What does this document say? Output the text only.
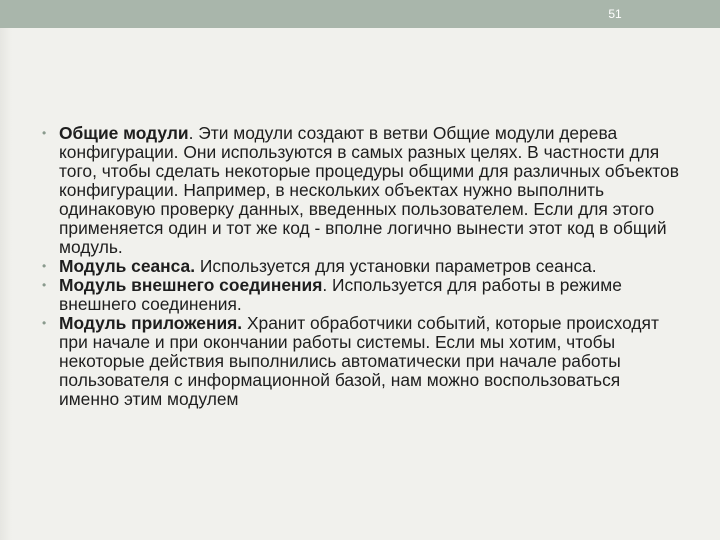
51
• Общие модули. Эти модули создают в ветви Общие модули дерева конфигурации. Они используются в самых разных целях. В частности для того, чтобы сделать некоторые процедуры общими для различных объектов конфигурации. Например, в нескольких объектах нужно выполнить одинаковую проверку данных, введенных пользователем. Если для этого применяется один и тот же код - вполне логично вынести этот код в общий модуль.
• Модуль сеанса. Используется для установки параметров сеанса.
• Модуль внешнего соединения. Используется для работы в режиме внешнего соединения.
• Модуль приложения. Хранит обработчики событий, которые происходят при начале и при окончании работы системы. Если мы хотим, чтобы некоторые действия выполнились автоматически при начале работы пользователя с информационной базой, нам можно воспользоваться именно этим модулем
